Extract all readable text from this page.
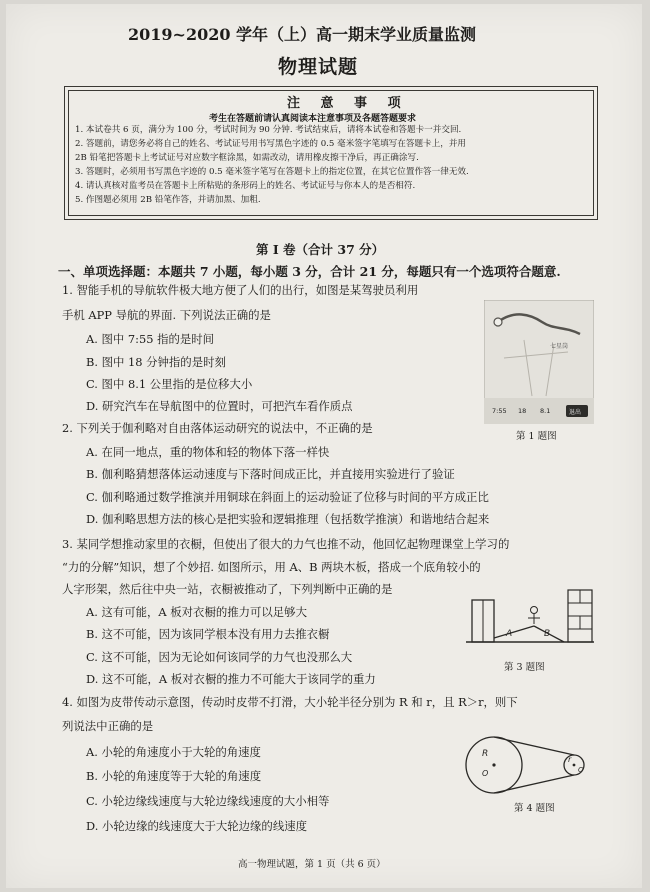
2019~2020 学年（上）高一期末学业质量监测
物理试题
注 意 事 项
考生在答题前请认真阅读本注意事项及各题答题要求
1. 本试卷共 6 页，满分为 100 分，考试时间为 90 分钟. 考试结束后，请将本试卷和答题卡一并交回.
2. 答题前，请您务必将自己的姓名、考试证号用书写黑色字迹的 0.5 毫米签字笔填写在答题卡上，并用
2B 铅笔把答题卡上考试证号对应数字框涂黑，如需改动，请用橡皮擦干净后，再正确涂写.
3. 答题时，必须用书写黑色字迹的 0.5 毫米签字笔写在答题卡上的指定位置，在其它位置作答一律无效.
4. 请认真核对监考员在答题卡上所粘贴的条形码上的姓名、考试证号与你本人的是否相符.
5. 作图题必须用 2B 铅笔作答，并请加黑、加粗.
第 I 卷（合计 37 分）
一、单项选择题：本题共 7 小题，每小题 3 分，合计 21 分，每题只有一个选项符合题意.
1. 智能手机的导航软件极大地方便了人们的出行，如图是某驾驶员利用
手机 APP 导航的界面. 下列说法正确的是
A. 图中 7:55 指的是时间
B. 图中 18 分钟指的是时刻
C. 图中 8.1 公里指的是位移大小
D. 研究汽车在导航图中的位置时，可把汽车看作质点
七星岗
7:55 18 8.1	退出
第 1 题图
2. 下列关于伽利略对自由落体运动研究的说法中，不正确的是
A. 在同一地点，重的物体和轻的物体下落一样快
B. 伽利略猜想落体运动速度与下落时间成正比，并直接用实验进行了验证
C. 伽利略通过数学推演并用铜球在斜面上的运动验证了位移与时间的平方成正比
D. 伽利略思想方法的核心是把实验和逻辑推理（包括数学推演）和谐地结合起来
3. 某同学想推动家里的衣橱，但使出了很大的力气也推不动，他回忆起物理课堂上学习的
“力的分解”知识，想了个妙招. 如图所示，用 A、B 两块木板，搭成一个底角较小的
人字形架，然后往中央一站，衣橱被推动了，下列判断中正确的是
A. 这有可能，A 板对衣橱的推力可以足够大
B. 这不可能，因为该同学根本没有用力去推衣橱
C. 这不可能，因为无论如何该同学的力气也没那么大
D. 这不可能，A 板对衣橱的推力不可能大于该同学的重力
A	B
第 3 题图
4. 如图为皮带传动示意图，传动时皮带不打滑，大小轮半径分别为 R 和 r，且 R＞r，则下
列说法中正确的是
A. 小轮的角速度小于大轮的角速度
B. 小轮的角速度等于大轮的角速度
C. 小轮边缘线速度与大轮边缘线速度的大小相等
D. 小轮边缘的线速度大于大轮边缘的线速度
R
O
r
O
第 4 题图
高一物理试题，第 1 页（共 6 页）
